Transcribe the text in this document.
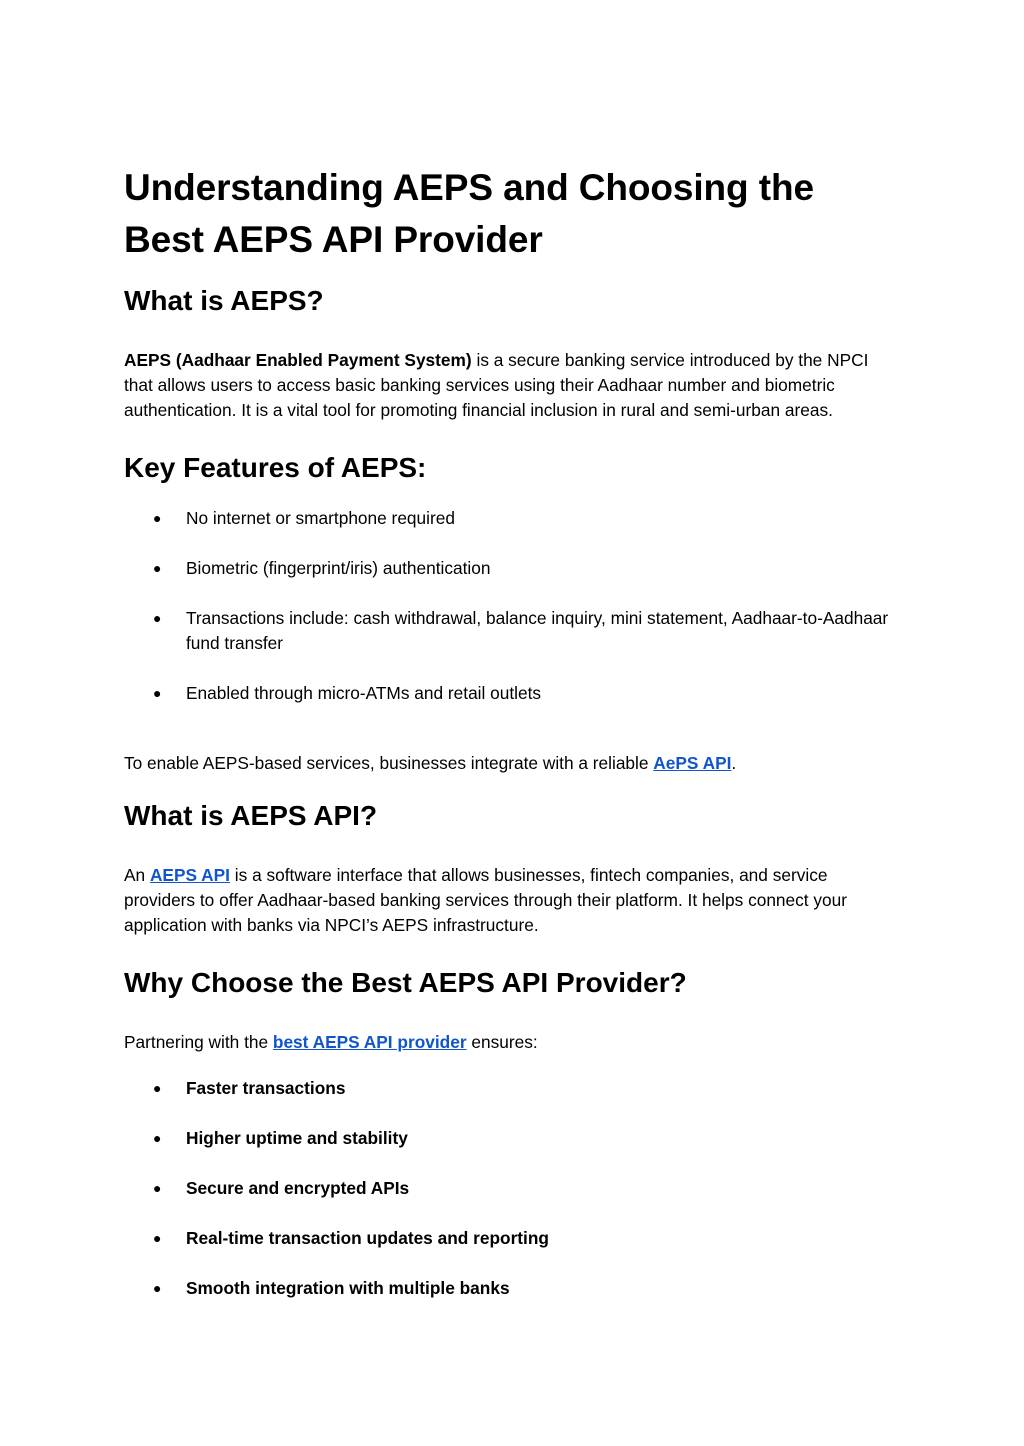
Understanding AEPS and Choosing the Best AEPS API Provider
What is AEPS?

AEPS (Aadhaar Enabled Payment System) is a secure banking service introduced by the NPCI that allows users to access basic banking services using their Aadhaar number and biometric authentication. It is a vital tool for promoting financial inclusion in rural and semi-urban areas.

Key Features of AEPS:
● No internet or smartphone required
● Biometric (fingerprint/iris) authentication
● Transactions include: cash withdrawal, balance inquiry, mini statement, Aadhaar-to-Aadhaar fund transfer
● Enabled through micro-ATMs and retail outlets

To enable AEPS-based services, businesses integrate with a reliable AePS API.

What is AEPS API?

An AEPS API is a software interface that allows businesses, fintech companies, and service providers to offer Aadhaar-based banking services through their platform. It helps connect your application with banks via NPCI’s AEPS infrastructure.

Why Choose the Best AEPS API Provider?

Partnering with the best AEPS API provider ensures:

● Faster transactions
● Higher uptime and stability
● Secure and encrypted APIs
● Real-time transaction updates and reporting
● Smooth integration with multiple banks
